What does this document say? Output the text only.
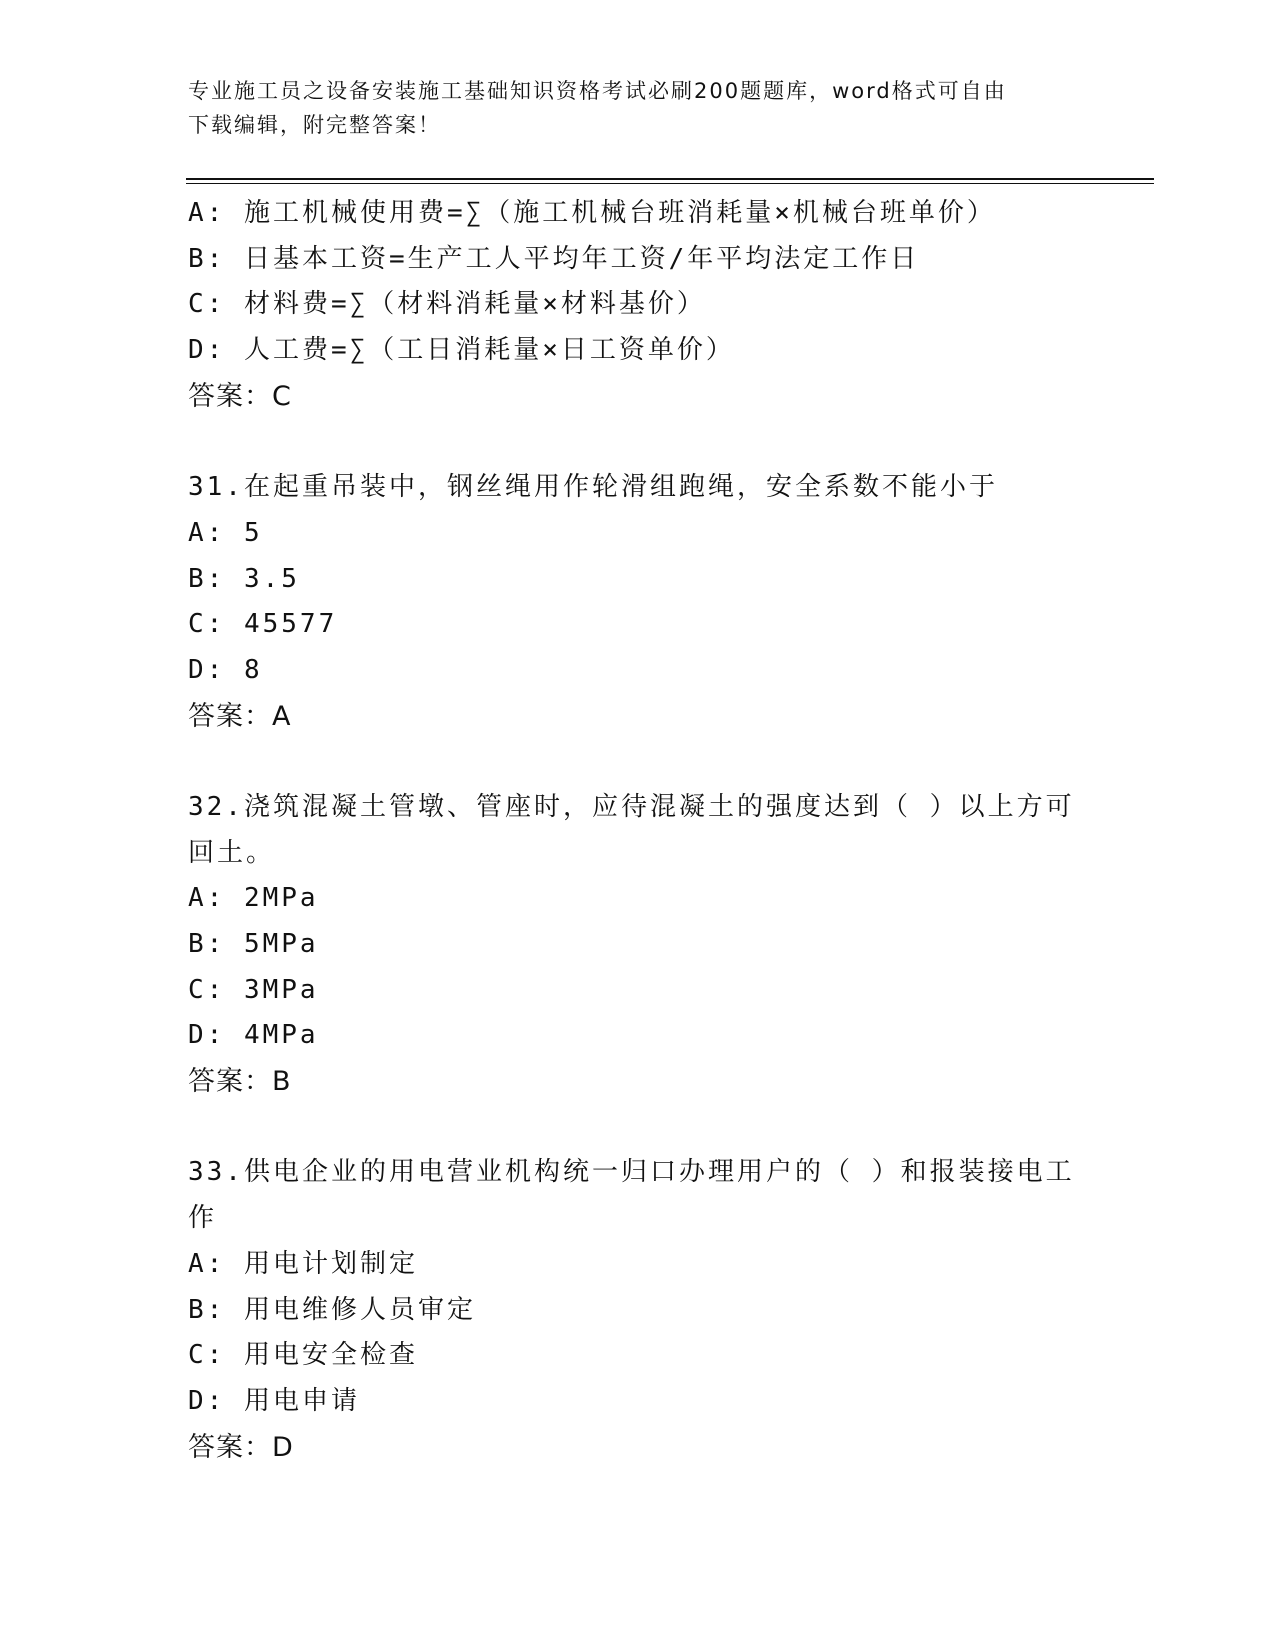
专业施工员之设备安装施工基础知识资格考试必刷200题题库，word格式可自由
下载编辑，附完整答案！
A: 施工机械使用费=∑（施工机械台班消耗量×机械台班单价）
B: 日基本工资=生产工人平均年工资/年平均法定工作日
C: 材料费=∑（材料消耗量×材料基价）
D: 人工费=∑（工日消耗量×日工资单价）
答案：C
31.在起重吊装中，钢丝绳用作轮滑组跑绳，安全系数不能小于
A: 5
B: 3.5
C: 45577
D: 8
答案：A
32.浇筑混凝土管墩、管座时，应待混凝土的强度达到（ ）以上方可
回土。
A: 2MPa
B: 5MPa
C: 3MPa
D: 4MPa
答案：B
33.供电企业的用电营业机构统一归口办理用户的（ ）和报装接电工
作
A: 用电计划制定
B: 用电维修人员审定
C: 用电安全检查
D: 用电申请
答案：D
